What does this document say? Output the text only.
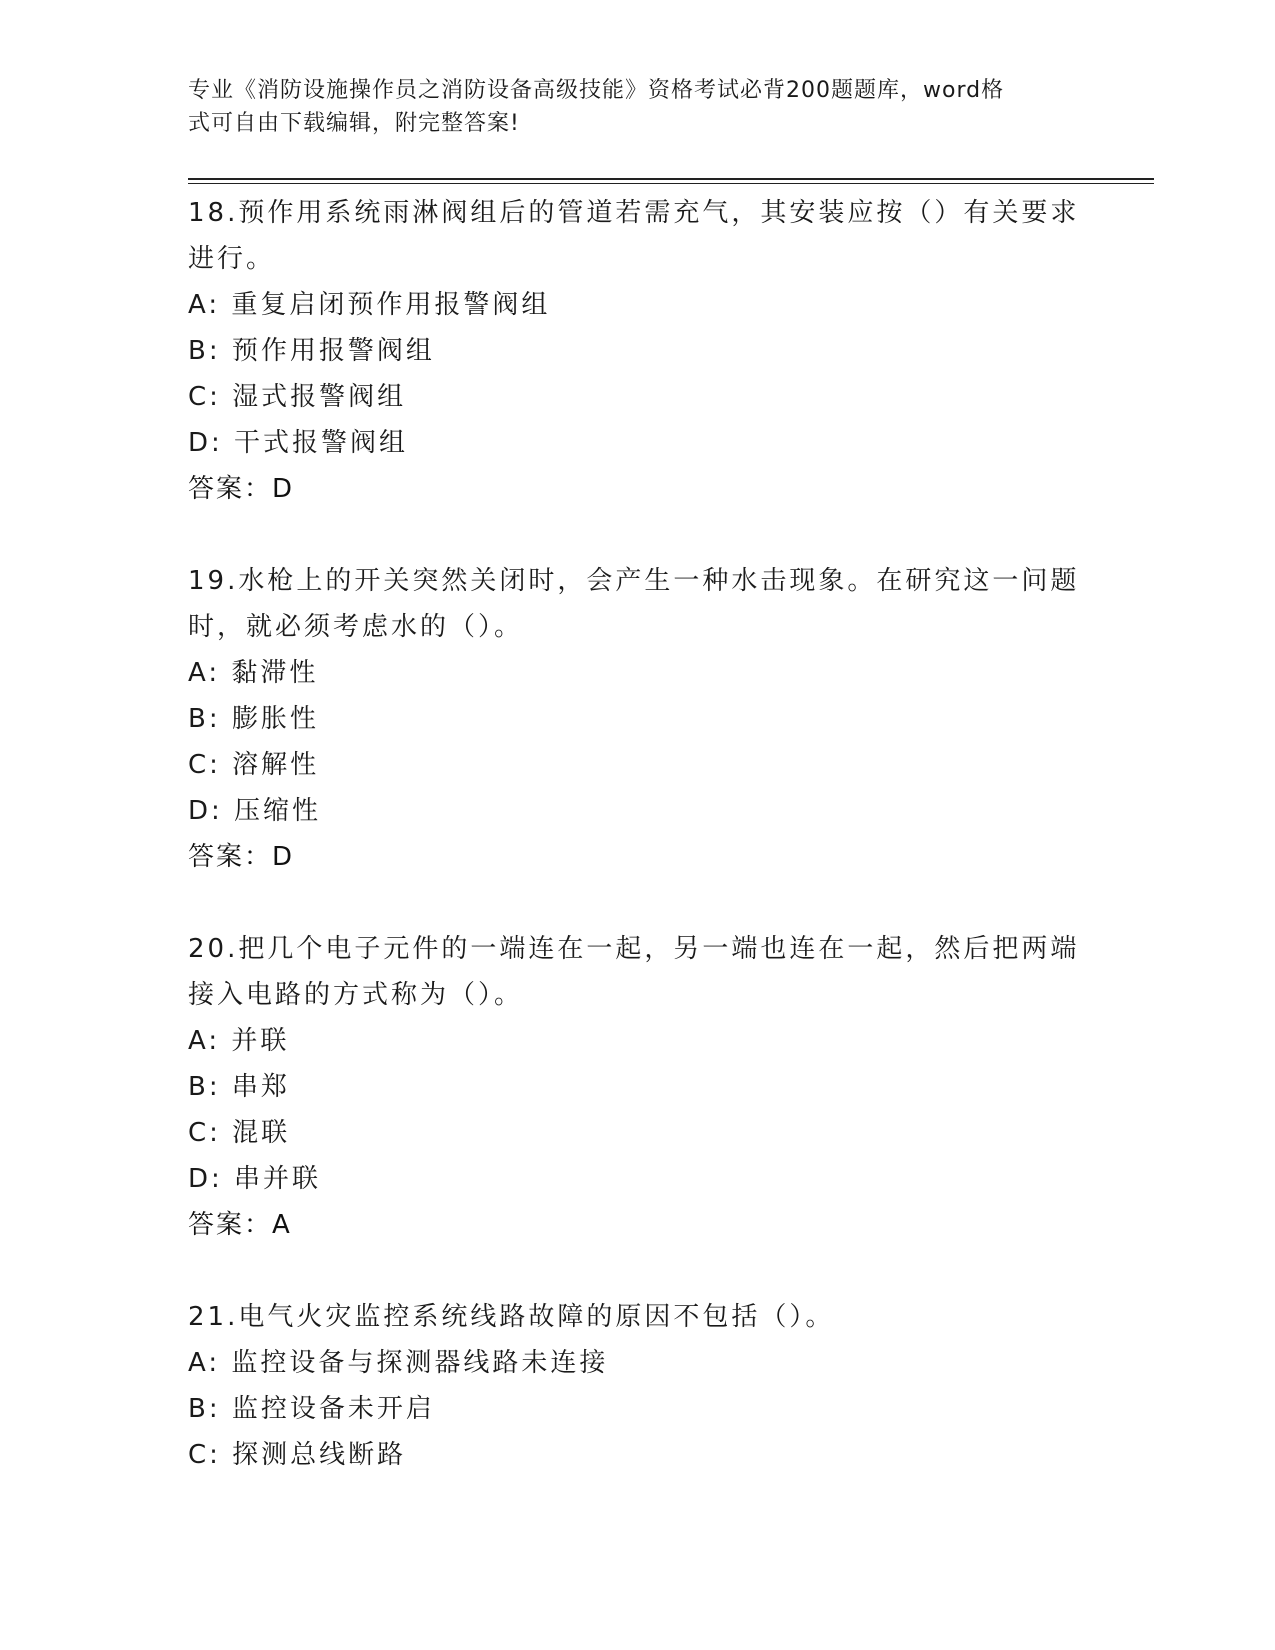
专业《消防设施操作员之消防设备高级技能》资格考试必背200题题库，word格
式可自由下载编辑，附完整答案!
18.预作用系统雨淋阀组后的管道若需充气，其安装应按（）有关要求
进行。
A: 重复启闭预作用报警阀组
B: 预作用报警阀组
C: 湿式报警阀组
D: 干式报警阀组
答案：D
19.水枪上的开关突然关闭时，会产生一种水击现象。在研究这一问题
时，就必须考虑水的（）。
A: 黏滞性
B: 膨胀性
C: 溶解性
D: 压缩性
答案：D
20.把几个电子元件的一端连在一起，另一端也连在一起，然后把两端
接入电路的方式称为（）。
A: 并联
B: 串郑
C: 混联
D: 串并联
答案：A
21.电气火灾监控系统线路故障的原因不包括（）。
A: 监控设备与探测器线路未连接
B: 监控设备未开启
C: 探测总线断路
